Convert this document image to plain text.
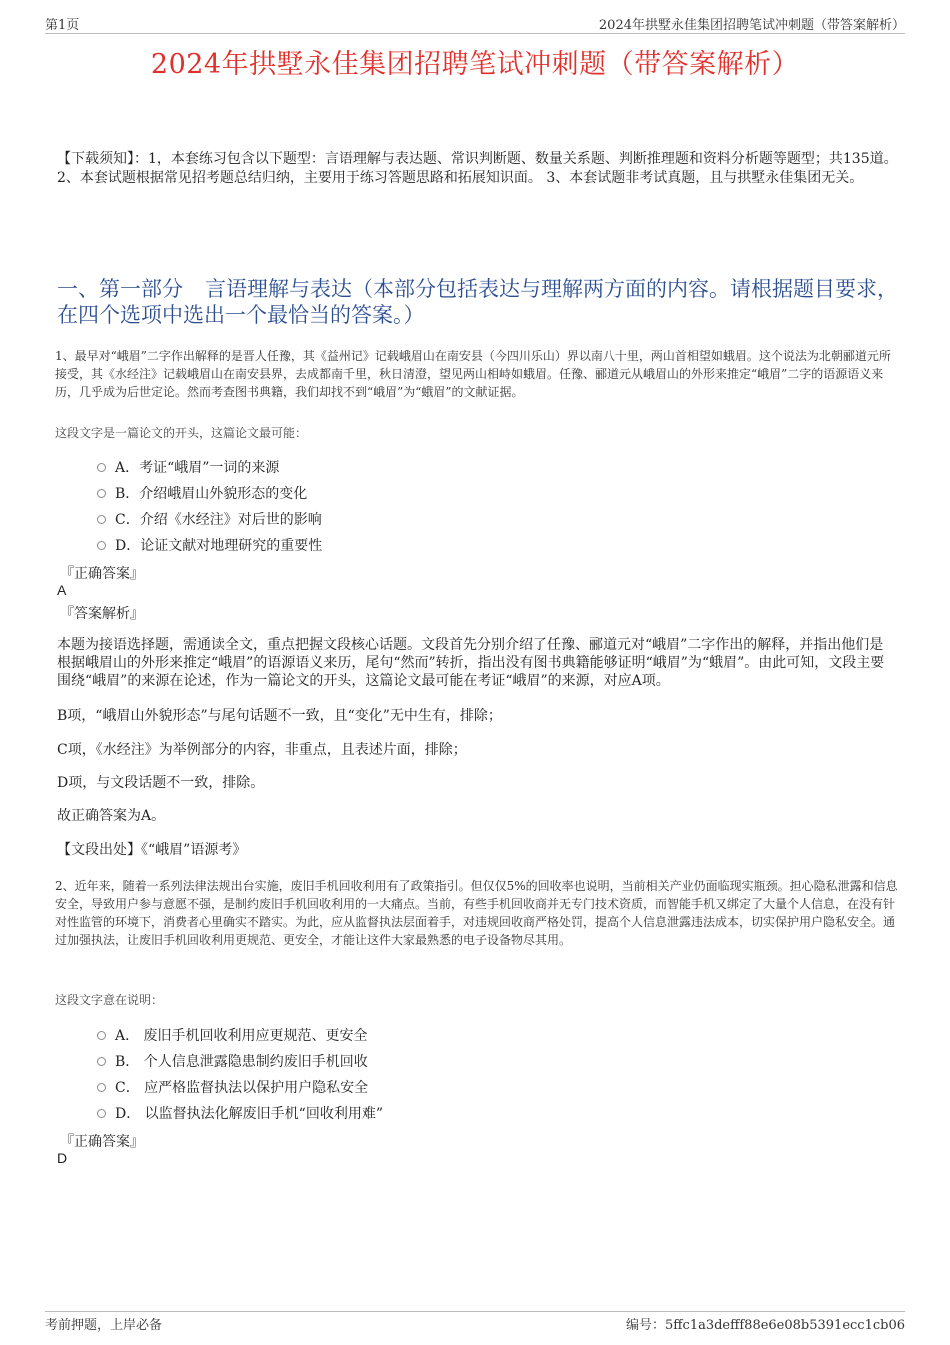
第1页	2024年拱墅永佳集团招聘笔试冲刺题（带答案解析）
2024年拱墅永佳集团招聘笔试冲刺题（带答案解析）
【下载须知】：1，本套练习包含以下题型：言语理解与表达题、常识判断题、数量关系题、判断推理题和资料分析题等题型；共135道。 2、本套试题根据常见招考题总结归纳，主要用于练习答题思路和拓展知识面。 3、本套试题非考试真题，且与拱墅永佳集团无关。
一、第一部分 言语理解与表达（本部分包括表达与理解两方面的内容。请根据题目要求，在四个选项中选出一个最恰当的答案。）
1、最早对“峨眉”二字作出解释的是晋人任豫，其《益州记》记载峨眉山在南安县（今四川乐山）界以南八十里，两山首相望如蛾眉。这个说法为北朝郦道元所接受，其《水经注》记载峨眉山在南安县界，去成都南千里，秋日清澄，望见两山相峙如蛾眉。任豫、郦道元从峨眉山的外形来推定“峨眉”二字的语源语义来历，几乎成为后世定论。然而考查图书典籍，我们却找不到“峨眉”为“蛾眉”的文献证据。
这段文字是一篇论文的开头，这篇论文最可能：
A．考证“峨眉”一词的来源
B．介绍峨眉山外貌形态的变化
C．介绍《水经注》对后世的影响
D．论证文献对地理研究的重要性
『正确答案』
A
『答案解析』
本题为接语选择题，需通读全文，重点把握文段核心话题。文段首先分别介绍了任豫、郦道元对“峨眉”二字作出的解释，并指出他们是根据峨眉山的外形来推定“峨眉”的语源语义来历，尾句“然而”转折，指出没有图书典籍能够证明“峨眉”为“蛾眉”。由此可知，文段主要围绕“峨眉”的来源在论述，作为一篇论文的开头，这篇论文最可能在考证“峨眉”的来源，对应A项。
B项，“峨眉山外貌形态”与尾句话题不一致，且“变化”无中生有，排除；
C项，《水经注》为举例部分的内容，非重点，且表述片面，排除；
D项，与文段话题不一致，排除。
故正确答案为A。
【文段出处】《“峨眉”语源考》
2、近年来，随着一系列法律法规出台实施，废旧手机回收利用有了政策指引。但仅仅5%的回收率也说明，当前相关产业仍面临现实瓶颈。担心隐私泄露和信息安全，导致用户参与意愿不强，是制约废旧手机回收利用的一大痛点。当前，有些手机回收商并无专门技术资质，而智能手机又绑定了大量个人信息，在没有针对性监管的环境下，消费者心里确实不踏实。为此，应从监督执法层面着手，对违规回收商严格处罚，提高个人信息泄露违法成本，切实保护用户隐私安全。通过加强执法，让废旧手机回收利用更规范、更安全，才能让这件大家最熟悉的电子设备物尽其用。
这段文字意在说明：
A． 废旧手机回收利用应更规范、更安全
B． 个人信息泄露隐患制约废旧手机回收
C． 应严格监督执法以保护用户隐私安全
D． 以监督执法化解废旧手机“回收利用难”
『正确答案』
D
考前押题，上岸必备	编号：5ffc1a3defff88e6e08b5391ecc1cb06
